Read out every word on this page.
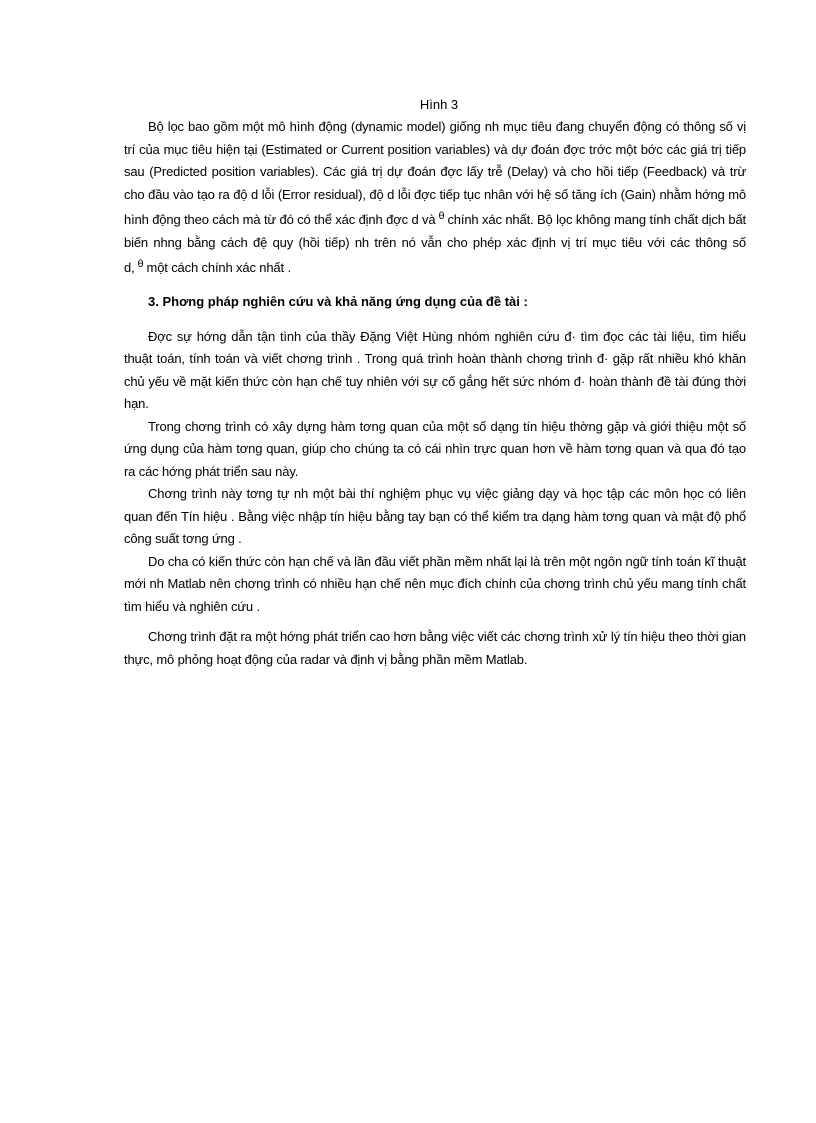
Hình 3

Bộ lọc bao gồm một mô hình động (dynamic model) giống nh mục tiêu đang chuyển động có thông số vị trí của mục tiêu hiện tại (Estimated or Current position variables) và dự đoán đợc trớc một bớc các giá trị tiếp sau (Predicted position variables). Các giá trị dự đoán đợc lấy trễ (Delay) và cho hồi tiếp (Feedback) và trừ cho đầu vào tạo ra độ d lỗi (Error residual), độ d lỗi đợc tiếp tục nhân với hệ số tăng ích (Gain) nhằm hớng mô hình động theo cách mà từ đó có thể xác định đợc d và $^\theta$ chính xác nhất. Bộ lọc không mang tính chất dịch bất biến nhng bằng cách đệ quy (hồi tiếp) nh trên nó vẫn cho phép xác định vị trí mục tiêu với các thông số d, $^\theta$ một cách chính xác nhất .

3. Phơng pháp nghiên cứu và khả năng ứng dụng của đề tài :

Đợc sự hớng dẫn tận tình của thầy Đặng Việt Hùng nhóm nghiên cứu đ· tìm đọc các tài liệu, tìm hiểu thuật toán, tính toán và viết chơng trình . Trong quá trình hoàn thành chơng trình đ· gặp rất nhiều khó khăn chủ yếu về mặt kiến thức còn hạn chế tuy nhiên với sự cố gắng hết sức nhóm đ· hoàn thành đề tài đúng thời hạn.

Trong chơng trình có xây dựng hàm tơng quan của một số dạng tín hiệu thờng gặp và giới thiệu một số ứng dụng của hàm tơng quan, giúp cho chúng ta có cái nhìn trực quan hơn về hàm tơng quan và qua đó tạo ra các hớng phát triển sau này.

Chơng trình này tơng tự nh một bài thí nghiệm phục vụ việc giảng dạy và học tập các môn học có liên quan đến Tín hiệu . Bằng việc nhập tín hiệu bằng tay bạn có thể kiểm tra dạng hàm tơng quan và mật độ phổ công suất tơng ứng .

Do cha có kiến thức còn hạn chế và lần đầu viết phần mềm nhất lại là trên một ngôn ngữ tính toán kĩ thuật mới nh Matlab nên chơng trình có nhiều hạn chế nên mục đích chính của chơng trình chủ yếu mang tính chất tìm hiểu và nghiên cứu .

Chơng trình đặt ra một hớng phát triển cao hơn bằng việc viết các chơng trình xử lý tín hiệu theo thời gian thực, mô phỏng hoạt động của radar và định vị bằng phần mềm Matlab.
